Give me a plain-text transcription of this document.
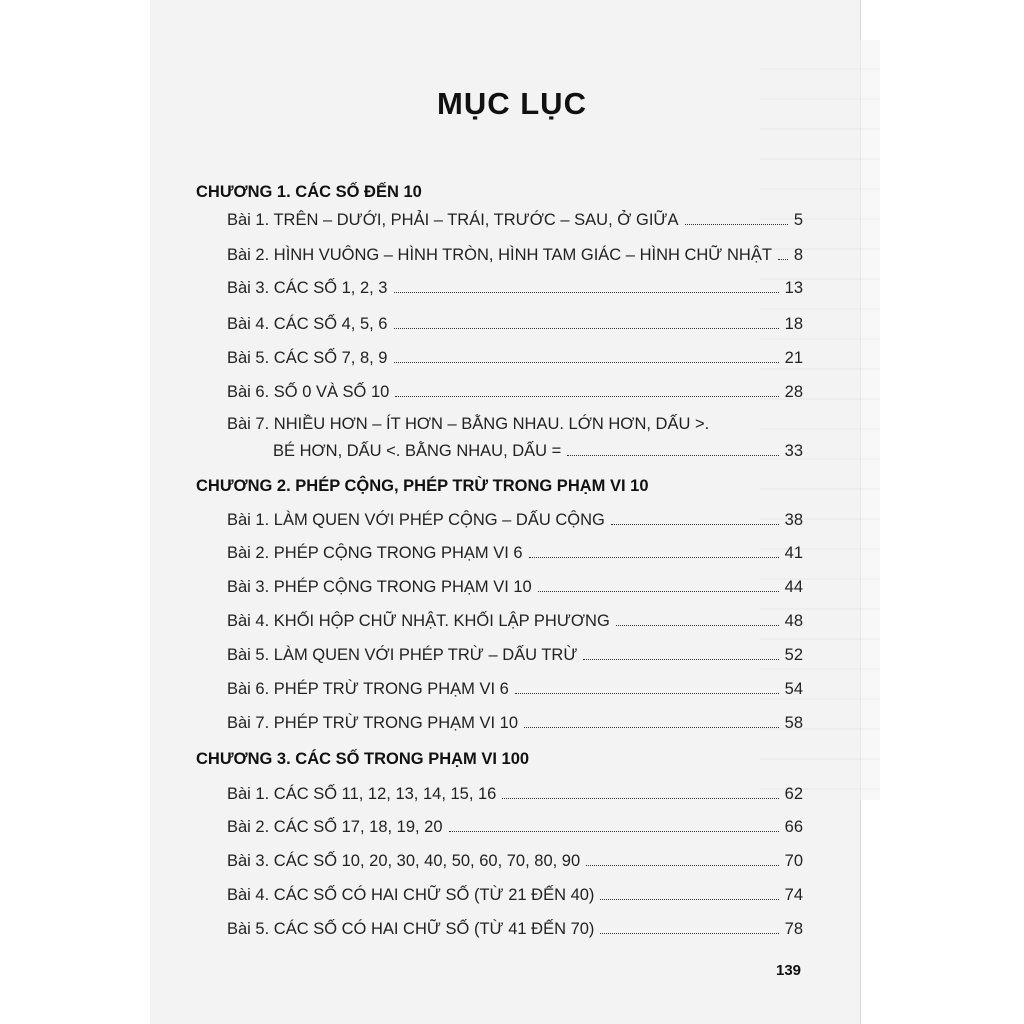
MỤC LỤC
CHƯƠNG 1. CÁC SỐ ĐẾN 10
Bài 1. TRÊN – DƯỚI, PHẢI – TRÁI, TRƯỚC – SAU, Ở GIỮA	5
Bài 2. HÌNH VUÔNG – HÌNH TRÒN, HÌNH TAM GIÁC – HÌNH CHỮ NHẬT 8
Bài 3. CÁC SỐ 1, 2, 3	13
Bài 4. CÁC SỐ 4, 5, 6	18
Bài 5. CÁC SỐ 7, 8, 9	21
Bài 6. SỐ 0 VÀ SỐ 10	28
Bài 7. NHIỀU HƠN – ÍT HƠN – BẰNG NHAU. LỚN HƠN, DẤU >.
BÉ HƠN, DẤU <. BẰNG NHAU, DẤU =	33
CHƯƠNG 2. PHÉP CỘNG, PHÉP TRỪ TRONG PHẠM VI 10
Bài 1. LÀM QUEN VỚI PHÉP CỘNG – DẤU CỘNG	38
Bài 2. PHÉP CỘNG TRONG PHẠM VI 6	41
Bài 3. PHÉP CỘNG TRONG PHẠM VI 10	44
Bài 4. KHỐI HỘP CHỮ NHẬT. KHỐI LẬP PHƯƠNG	48
Bài 5. LÀM QUEN VỚI PHÉP TRỪ – DẤU TRỪ	52
Bài 6. PHÉP TRỪ TRONG PHẠM VI 6	54
Bài 7. PHÉP TRỪ TRONG PHẠM VI 10	58
CHƯƠNG 3. CÁC SỐ TRONG PHẠM VI 100
Bài 1. CÁC SỐ 11, 12, 13, 14, 15, 16	62
Bài 2. CÁC SỐ 17, 18, 19, 20	66
Bài 3. CÁC SỐ 10, 20, 30, 40, 50, 60, 70, 80, 90	70
Bài 4. CÁC SỐ CÓ HAI CHỮ SỐ (TỪ 21 ĐẾN 40)	74
Bài 5. CÁC SỐ CÓ HAI CHỮ SỐ (TỪ 41 ĐẾN 70)	78
139
